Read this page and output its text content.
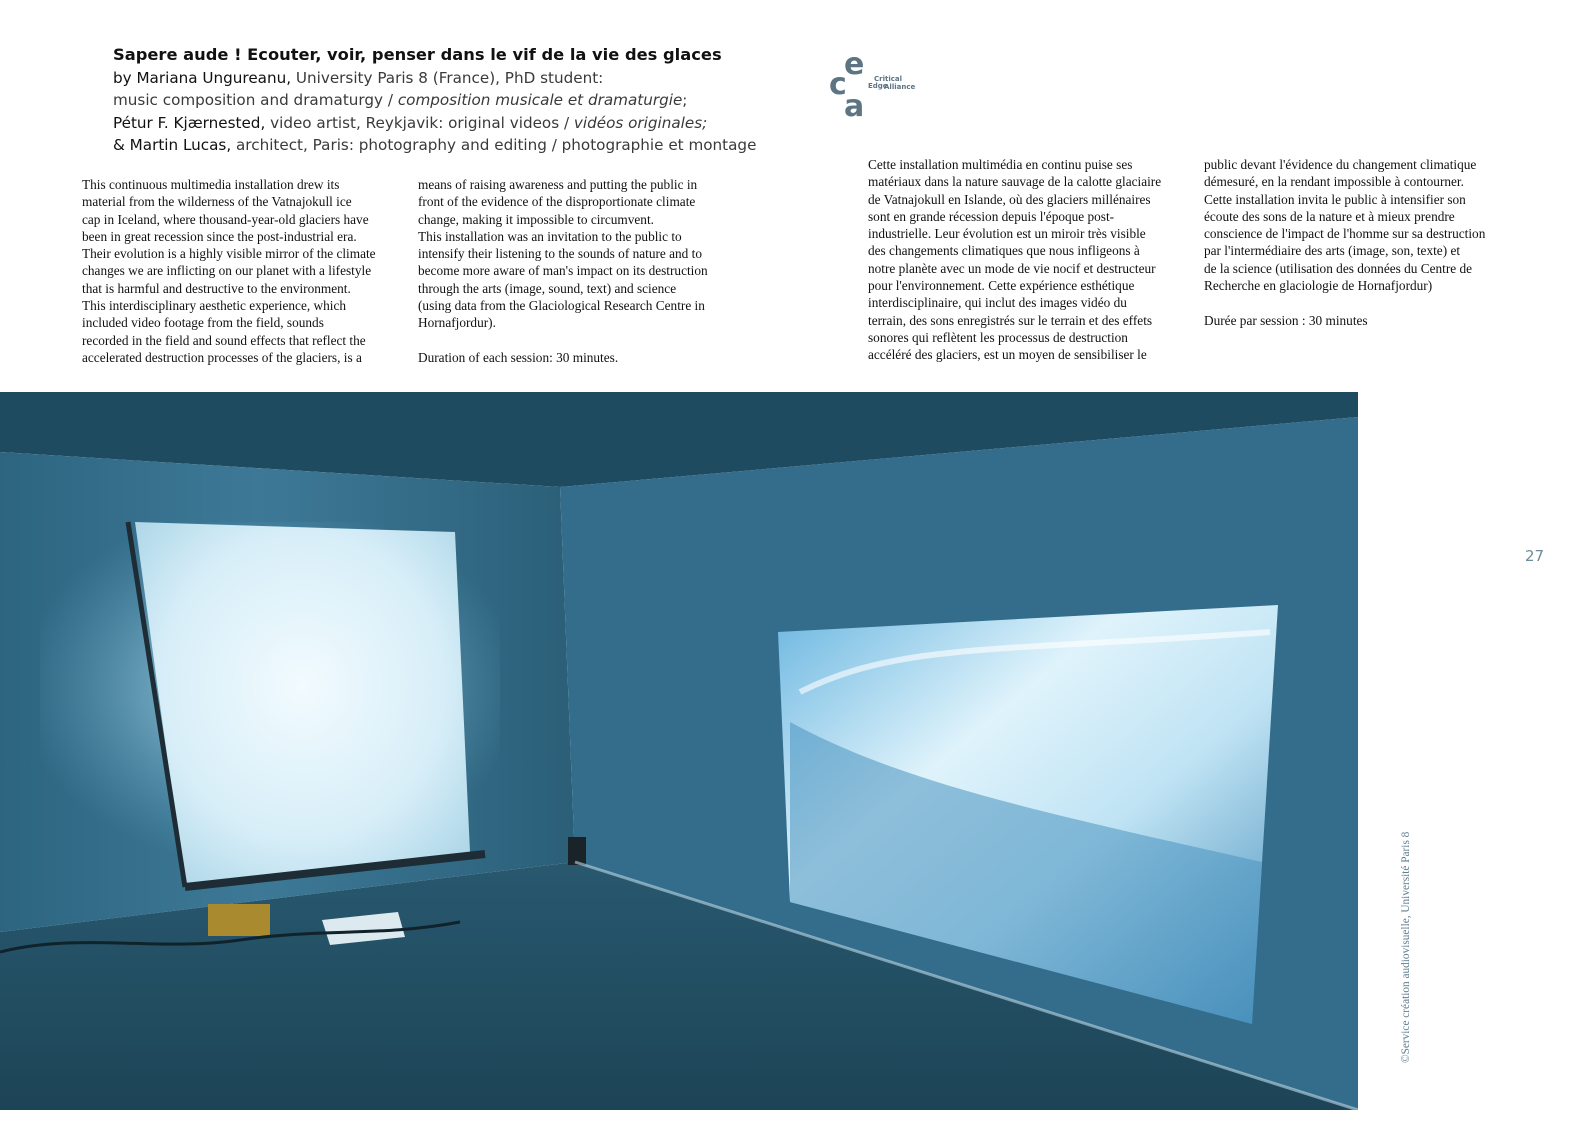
Sapere aude ! Ecouter, voir, penser dans le vif de la vie des glaces
by Mariana Ungureanu, University Paris 8 (France), PhD student:
music composition and dramaturgy / composition musicale et dramaturgie;
Pétur F. Kjærnested, video artist, Reykjavik: original videos / vidéos originales;
& Martin Lucas, architect, Paris: photography and editing / photographie et montage
e
c
a
Critical
Edge
Alliance

This continuous multimedia installation drew its

material from the wilderness of the Vatnajokull ice

cap in Iceland, where thousand-year-old glaciers have

been in great recession since the post-industrial era.

Their evolution is a highly visible mirror of the climate

changes we are inflicting on our planet with a lifestyle

that is harmful and destructive to the environment.

This interdisciplinary aesthetic experience, which

included video footage from the field, sounds

recorded in the field and sound effects that reflect the

accelerated destruction processes of the glaciers, is a

means of raising awareness and putting the public in

front of the evidence of the disproportionate climate

change, making it impossible to circumvent.

This installation was an invitation to the public to

intensify their listening to the sounds of nature and to

become more aware of man's impact on its destruction

through the arts (image, sound, text) and science

(using data from the Glaciological Research Centre in

Hornafjordur).

Duration of each session: 30 minutes.

Cette installation multimédia en continu puise ses

matériaux dans la nature sauvage de la calotte glaciaire

de Vatnajokull en Islande, où des glaciers millénaires

sont en grande récession depuis l'époque post-

industrielle. Leur évolution est un miroir très visible

des changements climatiques que nous infligeons à

notre planète avec un mode de vie nocif et destructeur

pour l'environnement. Cette expérience esthétique

interdisciplinaire, qui inclut des images vidéo du

terrain, des sons enregistrés sur le terrain et des effets

sonores qui reflètent les processus de destruction

accéléré des glaciers, est un moyen de sensibiliser le

public devant l'évidence du changement climatique

démesuré, en la rendant impossible à contourner.

Cette installation invita le public à intensifier son

écoute des sons de la nature et à mieux prendre

conscience de l'impact de l'homme sur sa destruction

par l'intermédiaire des arts (image, son, texte) et

de la science (utilisation des données du Centre de

Recherche en glaciologie de Hornafjordur)

Durée par session : 30 minutes

27
©Service création audiovisuelle, Université Paris 8
